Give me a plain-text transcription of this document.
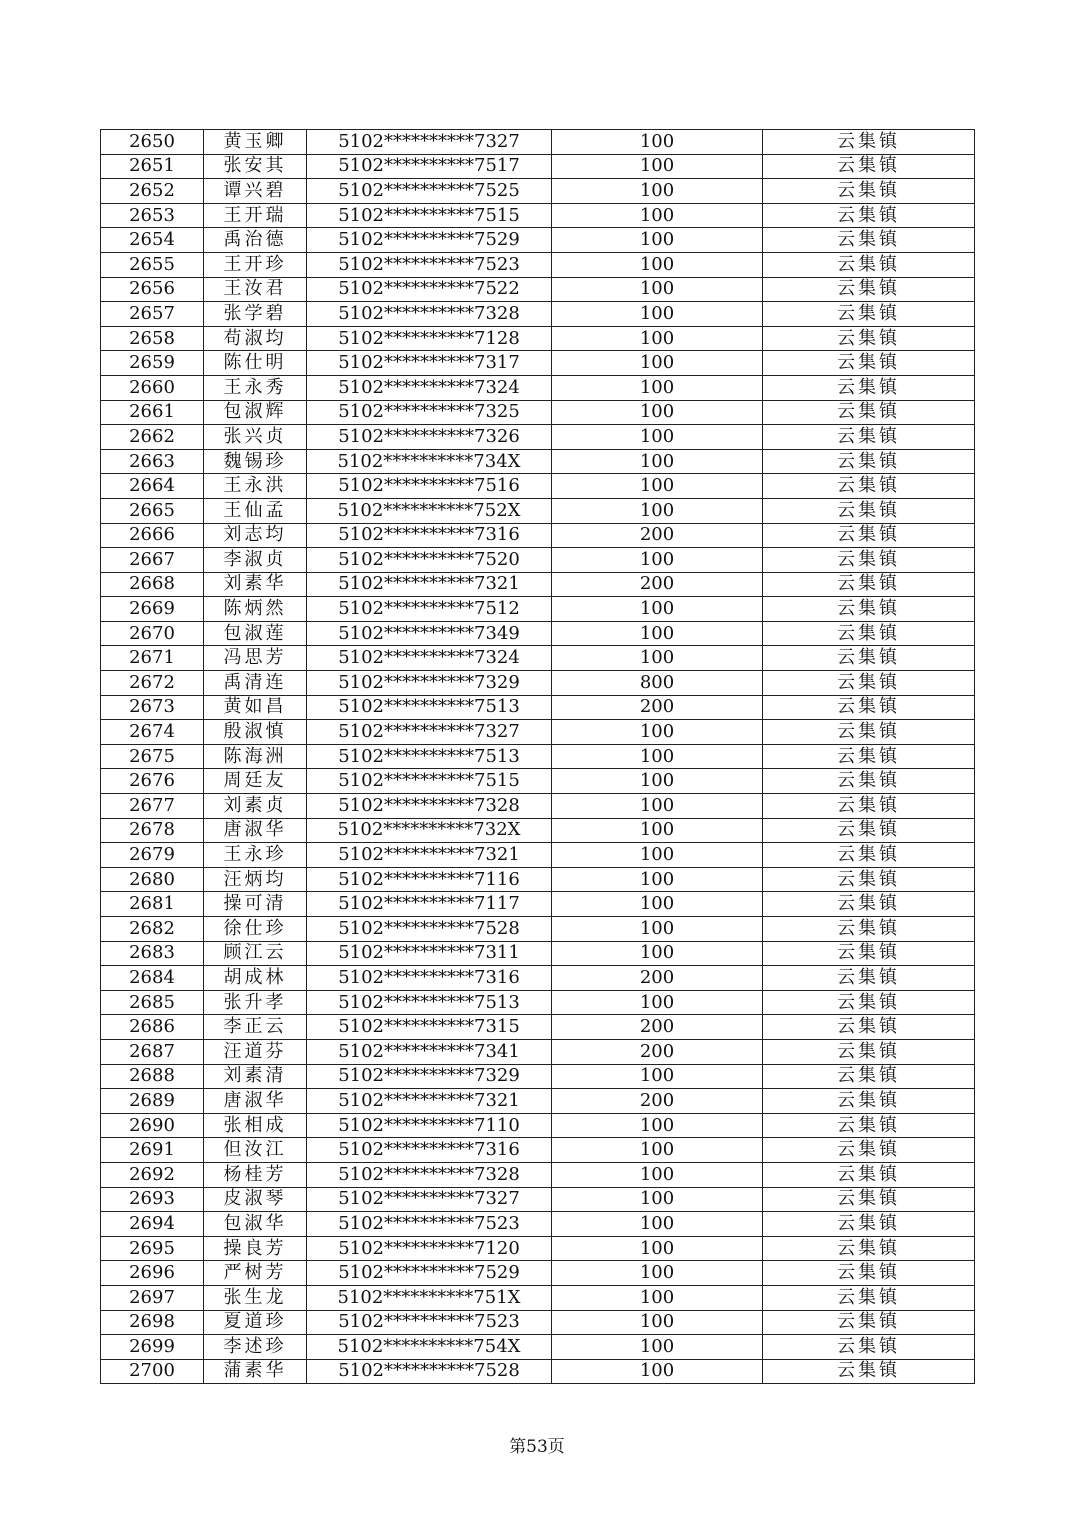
2650	黄玉卿	5102**********7327	100	云集镇
2651	张安其	5102**********7517	100	云集镇
2652	谭兴碧	5102**********7525	100	云集镇
2653	王开瑞	5102**********7515	100	云集镇
2654	禹治德	5102**********7529	100	云集镇
2655	王开珍	5102**********7523	100	云集镇
2656	王汝君	5102**********7522	100	云集镇
2657	张学碧	5102**********7328	100	云集镇
2658	苟淑均	5102**********7128	100	云集镇
2659	陈仕明	5102**********7317	100	云集镇
2660	王永秀	5102**********7324	100	云集镇
2661	包淑辉	5102**********7325	100	云集镇
2662	张兴贞	5102**********7326	100	云集镇
2663	魏锡珍	5102**********734X	100	云集镇
2664	王永洪	5102**********7516	100	云集镇
2665	王仙孟	5102**********752X	100	云集镇
2666	刘志均	5102**********7316	200	云集镇
2667	李淑贞	5102**********7520	100	云集镇
2668	刘素华	5102**********7321	200	云集镇
2669	陈炳然	5102**********7512	100	云集镇
2670	包淑莲	5102**********7349	100	云集镇
2671	冯思芳	5102**********7324	100	云集镇
2672	禹清连	5102**********7329	800	云集镇
2673	黄如昌	5102**********7513	200	云集镇
2674	殷淑慎	5102**********7327	100	云集镇
2675	陈海洲	5102**********7513	100	云集镇
2676	周廷友	5102**********7515	100	云集镇
2677	刘素贞	5102**********7328	100	云集镇
2678	唐淑华	5102**********732X	100	云集镇
2679	王永珍	5102**********7321	100	云集镇
2680	汪炳均	5102**********7116	100	云集镇
2681	操可清	5102**********7117	100	云集镇
2682	徐仕珍	5102**********7528	100	云集镇
2683	顾江云	5102**********7311	100	云集镇
2684	胡成林	5102**********7316	200	云集镇
2685	张升孝	5102**********7513	100	云集镇
2686	李正云	5102**********7315	200	云集镇
2687	汪道芬	5102**********7341	200	云集镇
2688	刘素清	5102**********7329	100	云集镇
2689	唐淑华	5102**********7321	200	云集镇
2690	张相成	5102**********7110	100	云集镇
2691	但汝江	5102**********7316	100	云集镇
2692	杨桂芳	5102**********7328	100	云集镇
2693	皮淑琴	5102**********7327	100	云集镇
2694	包淑华	5102**********7523	100	云集镇
2695	操良芳	5102**********7120	100	云集镇
2696	严树芳	5102**********7529	100	云集镇
2697	张生龙	5102**********751X	100	云集镇
2698	夏道珍	5102**********7523	100	云集镇
2699	李述珍	5102**********754X	100	云集镇
2700	蒲素华	5102**********7528	100	云集镇
第53页
